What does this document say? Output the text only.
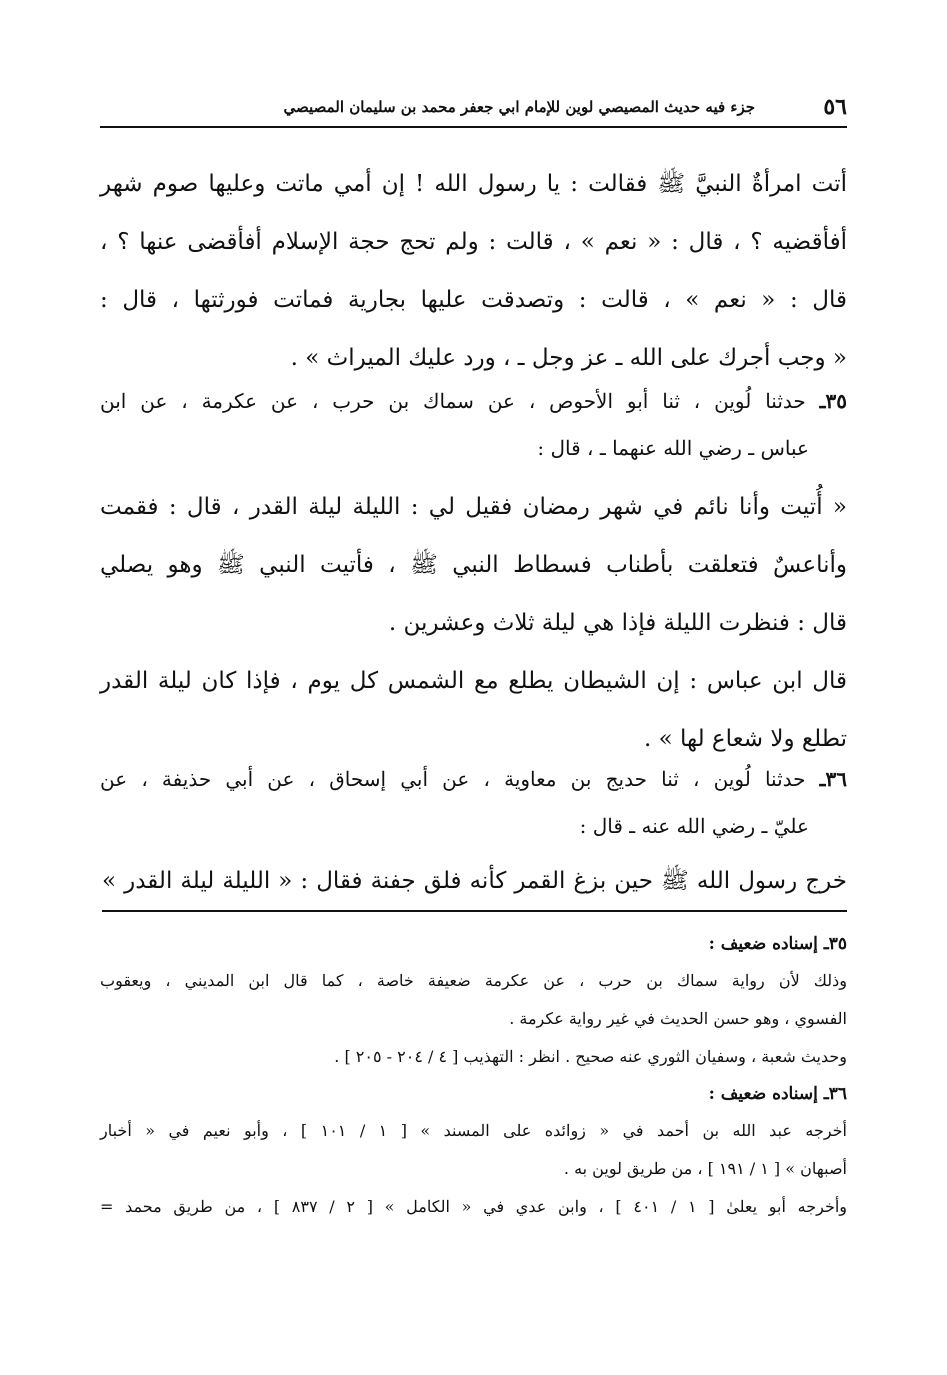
٥٦
جزء فيه حديث المصيصي لوين للإمام ابي جعفر محمد بن سليمان المصيصي
أتت امرأةٌ النبيَّ ﷺ فقالت : يا رسول الله ! إن أمي ماتت وعليها صوم شهر
أفأقضيه ؟ ، قال : « نعم » ، قالت : ولم تحج حجة الإسلام أفأقضى عنها ؟ ،
قال : « نعم » ، قالت : وتصدقت عليها بجارية فماتت فورثتها ، قال :
« وجب أجرك على الله ـ عز وجل ـ ، ورد عليك الميراث » .
٣٥ـ حدثنا لُوين ، ثنا أبو الأحوص ، عن سماك بن حرب ، عن عكرمة ، عن ابن
عباس ـ رضي الله عنهما ـ ، قال :
« أُتيت وأنا نائم في شهر رمضان فقيل لي : الليلة ليلة القدر ، قال : فقمت
وأناعسٌ فتعلقت بأطناب فسطاط النبي ﷺ ، فأتيت النبي ﷺ وهو يصلي
قال : فنظرت الليلة فإذا هي ليلة ثلاث وعشرين .
قال ابن عباس : إن الشيطان يطلع مع الشمس كل يوم ، فإذا كان ليلة القدر
تطلع ولا شعاع لها » .
٣٦ـ حدثنا لُوين ، ثنا حديج بن معاوية ، عن أبي إسحاق ، عن أبي حذيفة ، عن
عليّ ـ رضي الله عنه ـ قال :
خرج رسول الله ﷺ حين بزغ القمر كأنه فلق جفنة فقال : « الليلة ليلة القدر »
٣٥ـ إسناده ضعيف :
وذلك لأن رواية سماك بن حرب ، عن عكرمة ضعيفة خاصة ، كما قال ابن المديني ، ويعقوب
الفسوي ، وهو حسن الحديث في غير رواية عكرمة .
وحديث شعبة ، وسفيان الثوري عنه صحيح . انظر : التهذيب [ ٤ / ٢٠٤ - ٢٠٥ ] .
٣٦ـ إسناده ضعيف :
أخرجه عبد الله بن أحمد في « زوائده على المسند » [ ١ / ١٠١ ] ، وأبو نعيم في « أخبار
أصبهان » [ ١ / ١٩١ ] ، من طريق لوين به .
وأخرجه أبو يعلىٰ [ ١ / ٤٠١ ] ، وابن عدي في « الكامل » [ ٢ / ٨٣٧ ] ، من طريق محمد =
